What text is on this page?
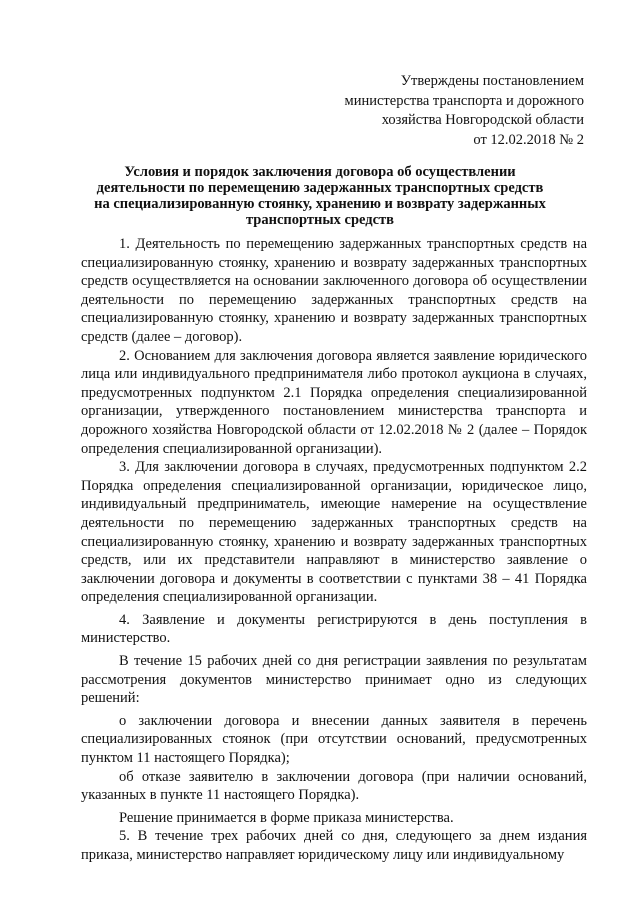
Утверждены постановлением
министерства транспорта и дорожного
хозяйства Новгородской области
от 12.02.2018 № 2
Условия и порядок заключения договора об осуществлении деятельности по перемещению задержанных транспортных средств на специализированную стоянку, хранению и возврату задержанных транспортных средств

1. Деятельность по перемещению задержанных транспортных средств на специализированную стоянку, хранению и возврату задержанных транспортных средств осуществляется на основании заключенного договора об осуществлении деятельности по перемещению задержанных транспортных средств на специализированную стоянку, хранению и возврату задержанных транспортных средств (далее – договор).

2. Основанием для заключения договора является заявление юридического лица или индивидуального предпринимателя либо протокол аукциона в случаях, предусмотренных подпунктом 2.1 Порядка определения специализированной организации, утвержденного постановлением министерства транспорта и дорожного хозяйства Новгородской области от 12.02.2018 № 2 (далее – Порядок определения специализированной организации).

3. Для заключении договора в случаях, предусмотренных подпунктом 2.2 Порядка определения специализированной организации, юридическое лицо, индивидуальный предприниматель, имеющие намерение на осуществление деятельности по перемещению задержанных транспортных средств на специализированную стоянку, хранению и возврату задержанных транспортных средств, или их представители направляют в министерство заявление о заключении договора и документы в соответствии с пунктами 38 – 41 Порядка определения специализированной организации.

4. Заявление и документы регистрируются в день поступления в министерство.

В течение 15 рабочих дней со дня регистрации заявления по результатам рассмотрения документов министерство принимает одно из следующих решений:

о заключении договора и внесении данных заявителя в перечень специализированных стоянок (при отсутствии оснований, предусмотренных пунктом 11 настоящего Порядка);

об отказе заявителю в заключении договора (при наличии оснований, указанных в пункте 11 настоящего Порядка).

Решение принимается в форме приказа министерства.

5. В течение трех рабочих дней со дня, следующего за днем издания приказа, министерство направляет юридическому лицу или индивидуальному
